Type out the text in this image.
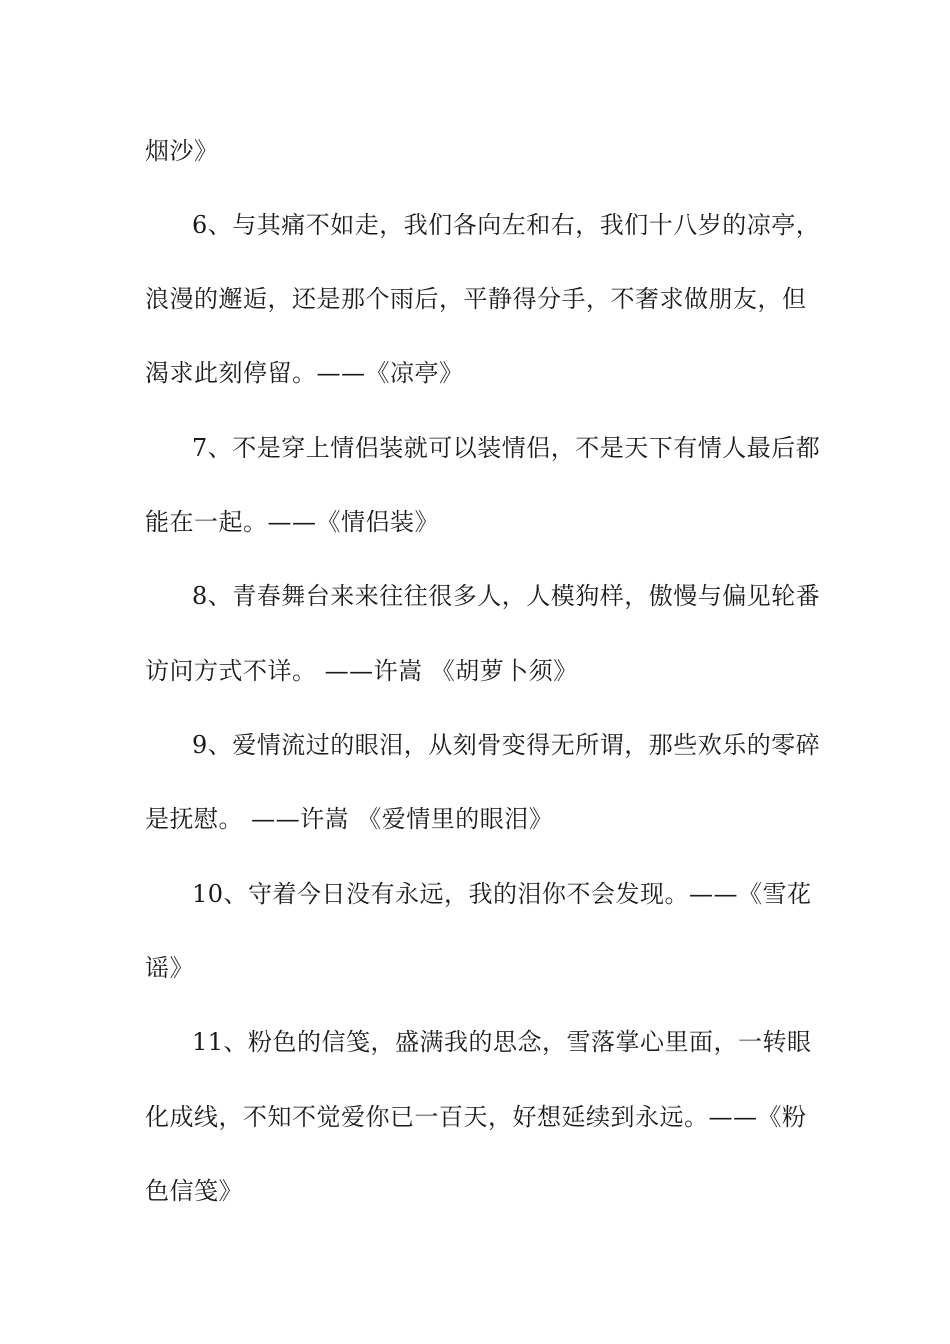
烟沙》
6、与其痛不如走，我们各向左和右，我们十八岁的凉亭，
浪漫的邂逅，还是那个雨后，平静得分手，不奢求做朋友，但
渴求此刻停留。——《凉亭》
7、不是穿上情侣装就可以装情侣，不是天下有情人最后都
能在一起。——《情侣装》
8、青春舞台来来往往很多人，人模狗样，傲慢与偏见轮番
访问方式不详。 ——许嵩 《胡萝卜须》
9、爱情流过的眼泪，从刻骨变得无所谓，那些欢乐的零碎
是抚慰。 ——许嵩 《爱情里的眼泪》
10、守着今日没有永远，我的泪你不会发现。——《雪花
谣》
11、粉色的信笺，盛满我的思念，雪落掌心里面，一转眼
化成线，不知不觉爱你已一百天，好想延续到永远。——《粉
色信笺》
